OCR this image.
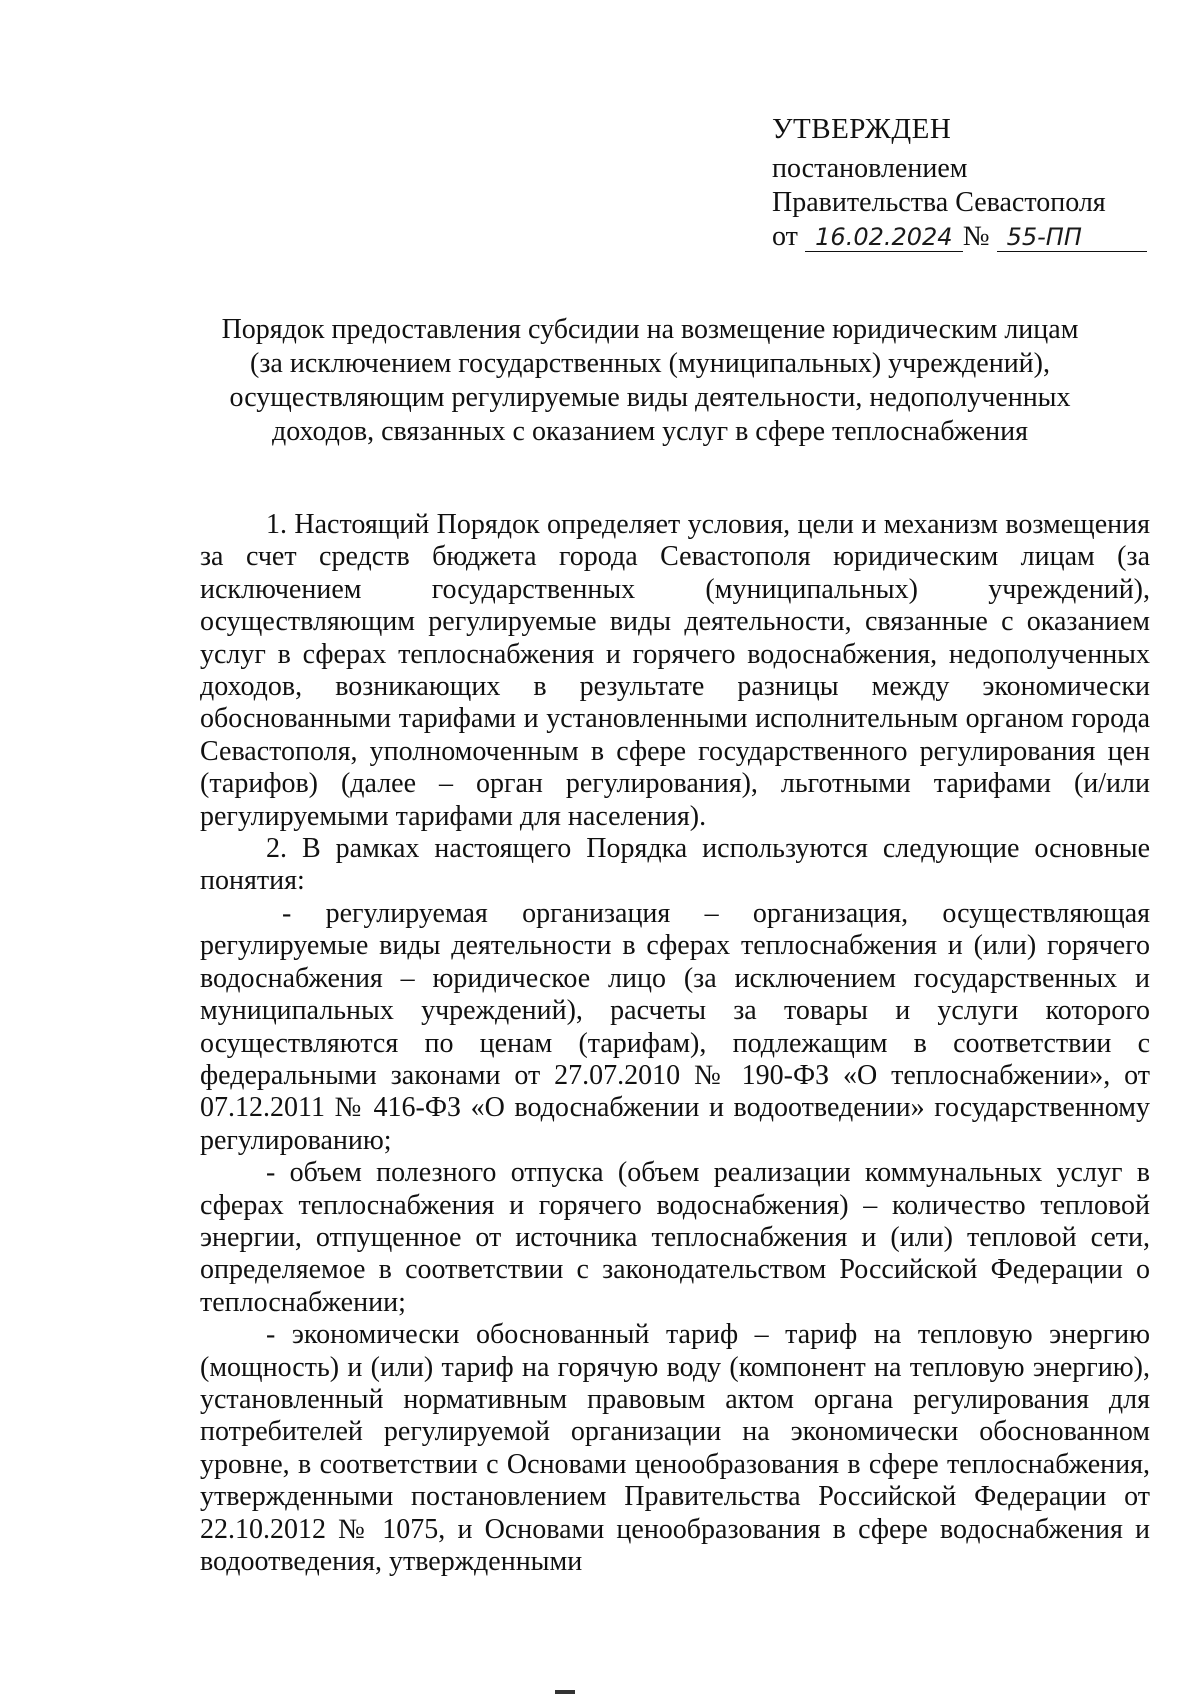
УТВЕРЖДЕН
постановлением
Правительства Севастополя
от 16.02.2024 № 55-ПП
Порядок предоставления субсидии на возмещение юридическим лицам
(за исключением государственных (муниципальных) учреждений),
осуществляющим регулируемые виды деятельности, недополученных
доходов, связанных с оказанием услуг в сфере теплоснабжения

1. Настоящий Порядок определяет условия, цели и механизм возмещения за счет средств бюджета города Севастополя юридическим лицам (за исключением государственных (муниципальных) учреждений), осуществляющим регулируемые виды деятельности, связанные с оказанием услуг в сферах теплоснабжения и горячего водоснабжения, недополученных доходов, возникающих в результате разницы между экономически обоснованными тарифами и установленными исполнительным органом города Севастополя, уполномоченным в сфере государственного регулирования цен (тарифов) (далее – орган регулирования), льготными тарифами (и/или регулируемыми тарифами для населения).

2. В рамках настоящего Порядка используются следующие основные понятия:

- регулируемая организация – организация, осуществляющая регулируемые виды деятельности в сферах теплоснабжения и (или) горячего водоснабжения – юридическое лицо (за исключением государственных и муниципальных учреждений), расчеты за товары и услуги которого осуществляются по ценам (тарифам), подлежащим в соответствии с федеральными законами от 27.07.2010 № 190-ФЗ «О теплоснабжении», от 07.12.2011 № 416-ФЗ «О водоснабжении и водоотведении» государственному регулированию;

- объем полезного отпуска (объем реализации коммунальных услуг в сферах теплоснабжения и горячего водоснабжения) – количество тепловой энергии, отпущенное от источника теплоснабжения и (или) тепловой сети, определяемое в соответствии с законодательством Российской Федерации о теплоснабжении;

- экономически обоснованный тариф – тариф на тепловую энергию (мощность) и (или) тариф на горячую воду (компонент на тепловую энергию), установленный нормативным правовым актом органа регулирования для потребителей регулируемой организации на экономически обоснованном уровне, в соответствии с Основами ценообразования в сфере теплоснабжения, утвержденными постановлением Правительства Российской Федерации от 22.10.2012 № 1075, и Основами ценообразования в сфере водоснабжения и водоотведения, утвержденными
